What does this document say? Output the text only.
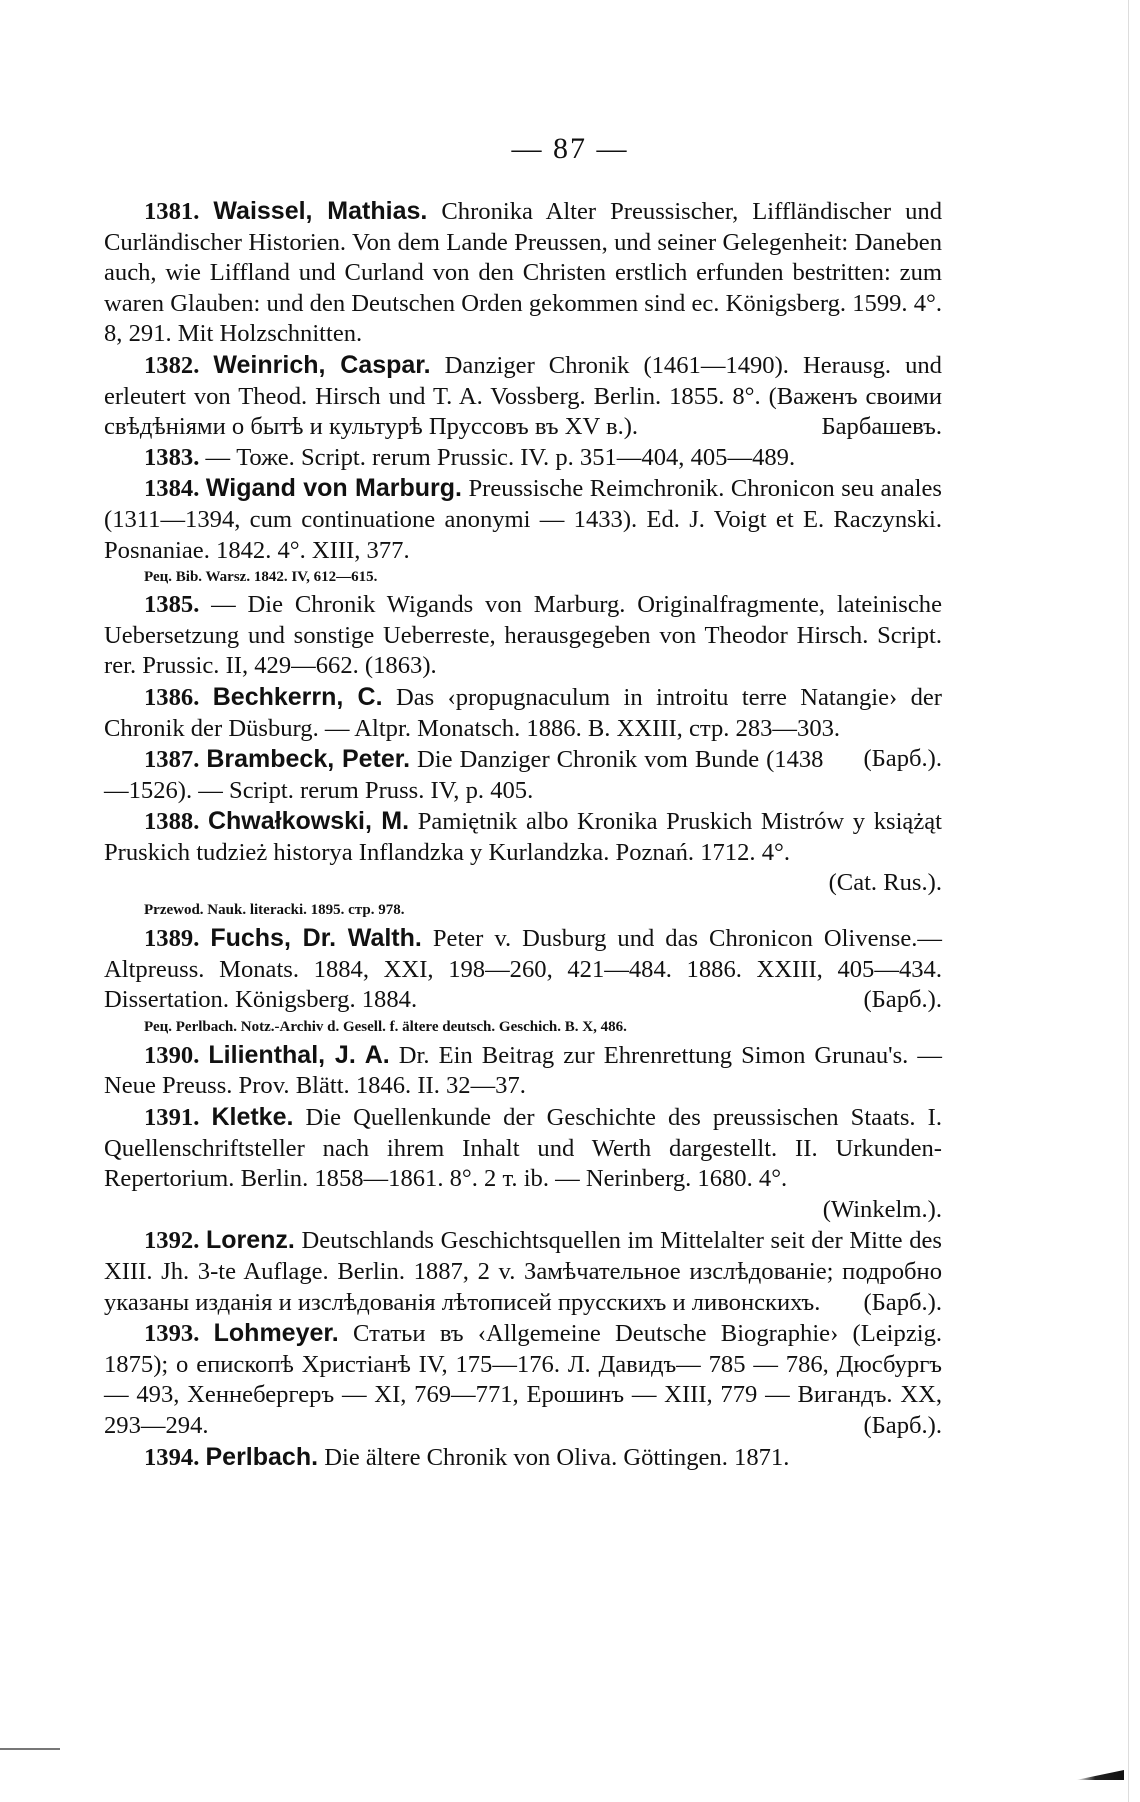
— 87 —

1381. Waissel, Mathias. Chronika Alter Preussischer, Liffländischer und Curländischer Historien. Von dem Lande Preussen, und seiner Gelegenheit: Daneben auch, wie Liffland und Curland von den Christen erstlich erfunden bestritten: zum waren Glauben: und den Deutschen Orden gekommen sind ec. Königsberg. 1599. 4°. 8, 291. Mit Holzschnitten.

1382. Weinrich, Caspar. Danziger Chronik (1461—1490). Herausg. und erleutert von Theod. Hirsch und T. A. Vossberg. Berlin. 1855. 8°. (Важенъ своими свѣдѣніями о бытѣ и культурѣ Пруссовъ въ XV в.).	Барбашевъ.

1383. — Тоже. Script. rerum Prussic. IV. p. 351—404, 405—489.

1384. Wigand von Marburg. Preussische Reimchronik. Chronicon seu anales (1311—1394, cum continuatione anonymi — 1433). Ed. J. Voigt et E. Raczynski. Posnaniae. 1842. 4°. XIII, 377.
Рец. Bib. Warsz. 1842. IV, 612—615.

1385. — Die Chronik Wigands von Marburg. Originalfragmente, lateinische Uebersetzung und sonstige Ueberreste, herausgegeben von Theodor Hirsch. Script. rer. Prussic. II, 429—662. (1863).

1386. Bechkerrn, C. Das ‹propugnaculum in introitu terre Natangie› der Chronik der Düsburg. — Altpr. Monatsch. 1886. B. XXIII, стр. 283—303.
(Барб.).

1387. Brambeck, Peter. Die Danziger Chronik vom Bunde (1438—1526). — Script. rerum Pruss. IV, p. 405.

1388. Chwałkowski, M. Pamiętnik albo Kronika Pruskich Mistrów y książąt Pruskich tudzież historya Inflandzka y Kurlandzka. Poznań. 1712. 4°.
(Cat. Rus.).
Przewod. Nauk. literacki. 1895. стр. 978.

1389. Fuchs, Dr. Walth. Peter v. Dusburg und das Chronicon Olivense.—Altpreuss. Monats. 1884, XXI, 198—260, 421—484. 1886. XXIII, 405—434. Dissertation. Königsberg. 1884.	(Барб.).
Рец. Perlbach. Notz.-Archiv d. Gesell. f. ältere deutsch. Geschich. B. X, 486.

1390. Lilienthal, J. A. Dr. Ein Beitrag zur Ehrenrettung Simon Grunau's. — Neue Preuss. Prov. Blätt. 1846. II. 32—37.

1391. Kletke. Die Quellenkunde der Geschichte des preussischen Staats. I. Quellenschriftsteller nach ihrem Inhalt und Werth dargestellt. II. Urkunden-Repertorium. Berlin. 1858—1861. 8°. 2 т. ib. — Nerinberg. 1680. 4°.
(Winkelm.).

1392. Lorenz. Deutschlands Geschichtsquellen im Mittelalter seit der Mitte des XIII. Jh. 3-te Auflage. Berlin. 1887, 2 v. Замѣчательное изслѣдованіе; подробно указаны изданія и изслѣдованія лѣтописей прусскихъ и ливонскихъ.	(Барб.).

1393. Lohmeyer. Статьи въ ‹Allgemeine Deutsche Biographie› (Leipzig. 1875); о епископѣ Христіанѣ IV, 175—176. Л. Давидъ— 785 — 786, Дюсбургъ — 493, Хеннебергеръ — XI, 769—771, Ерошинъ — XIII, 779 — Вигандъ. XX, 293—294.	(Барб.).

1394. Perlbach. Die ältere Chronik von Oliva. Göttingen. 1871.
